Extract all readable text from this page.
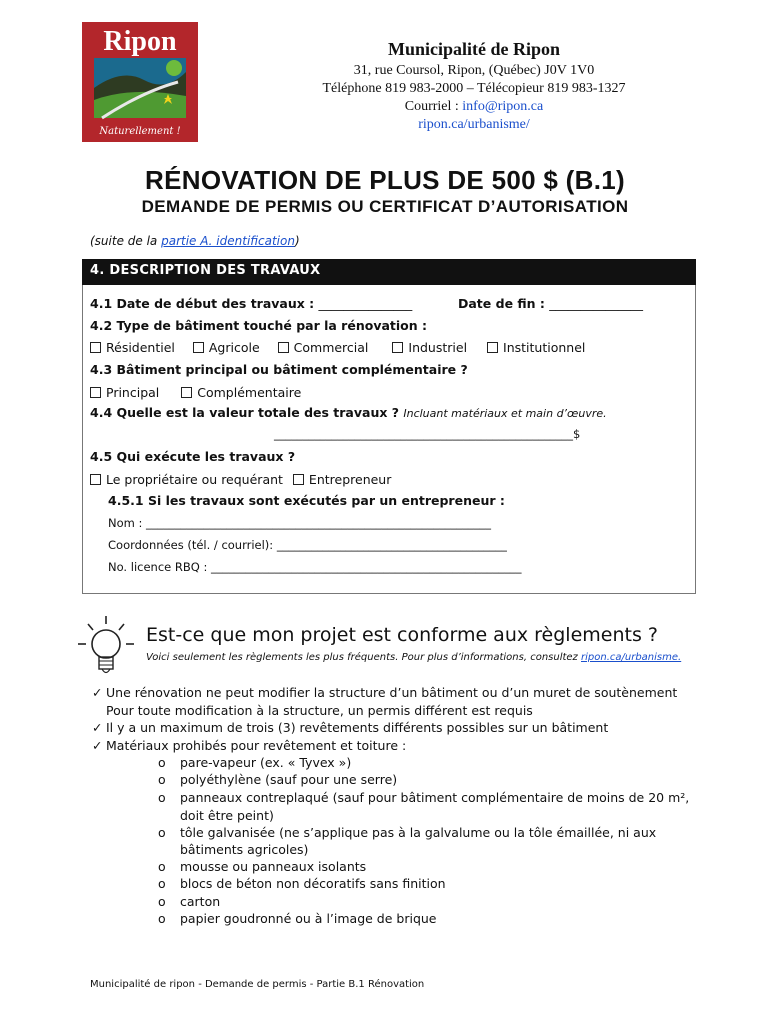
Ripon
Naturellement !
Municipalité de Ripon
31, rue Coursol, Ripon, (Québec) J0V 1V0
Téléphone 819 983-2000 – Télécopieur 819 983-1327
Courriel : info@ripon.ca
ripon.ca/urbanisme/
RÉNOVATION DE PLUS DE 500 $ (B.1)
DEMANDE DE PERMIS OU CERTIFICAT D’AUTORISATION
(suite de la partie A. identification)
4. DESCRIPTION DES TRAVAUX
4.1 Date de début des travaux : _______________	Date de fin : _______________
4.2 Type de bâtiment touché par la rénovation :
Résidentiel	Agricole	Commercial	Industriel	Institutionnel
4.3 Bâtiment principal ou bâtiment complémentaire ?
Principal	Complémentaire
4.4 Quelle est la valeur totale des travaux ? Incluant matériaux et main d’œuvre.
____________________________________________________$
4.5 Qui exécute les travaux ?
Le propriétaire ou requérant Entrepreneur
4.5.1 Si les travaux sont exécutés par un entrepreneur :
Nom : ____________________________________________________________
Coordonnées (tél. / courriel): ________________________________________
No. licence RBQ : ______________________________________________________
Est-ce que mon projet est conforme aux règlements ?
Voici seulement les règlements les plus fréquents. Pour plus d’informations, consultez ripon.ca/urbanisme.
✓ Une rénovation ne peut modifier la structure d’un bâtiment ou d’un muret de soutènement
Pour toute modification à la structure, un permis différent est requis
✓ Il y a un maximum de trois (3) revêtements différents possibles sur un bâtiment
✓ Matériaux prohibés pour revêtement et toiture :
o pare-vapeur (ex. « Tyvex »)
o polyéthylène (sauf pour une serre)
o panneaux contreplaqué (sauf pour bâtiment complémentaire de moins de 20 m²,
doit être peint)
o tôle galvanisée (ne s’applique pas à la galvalume ou la tôle émaillée, ni aux
bâtiments agricoles)
o mousse ou panneaux isolants
o blocs de béton non décoratifs sans finition
o carton
o papier goudronné ou à l’image de brique
Municipalité de ripon - Demande de permis - Partie B.1 Rénovation
